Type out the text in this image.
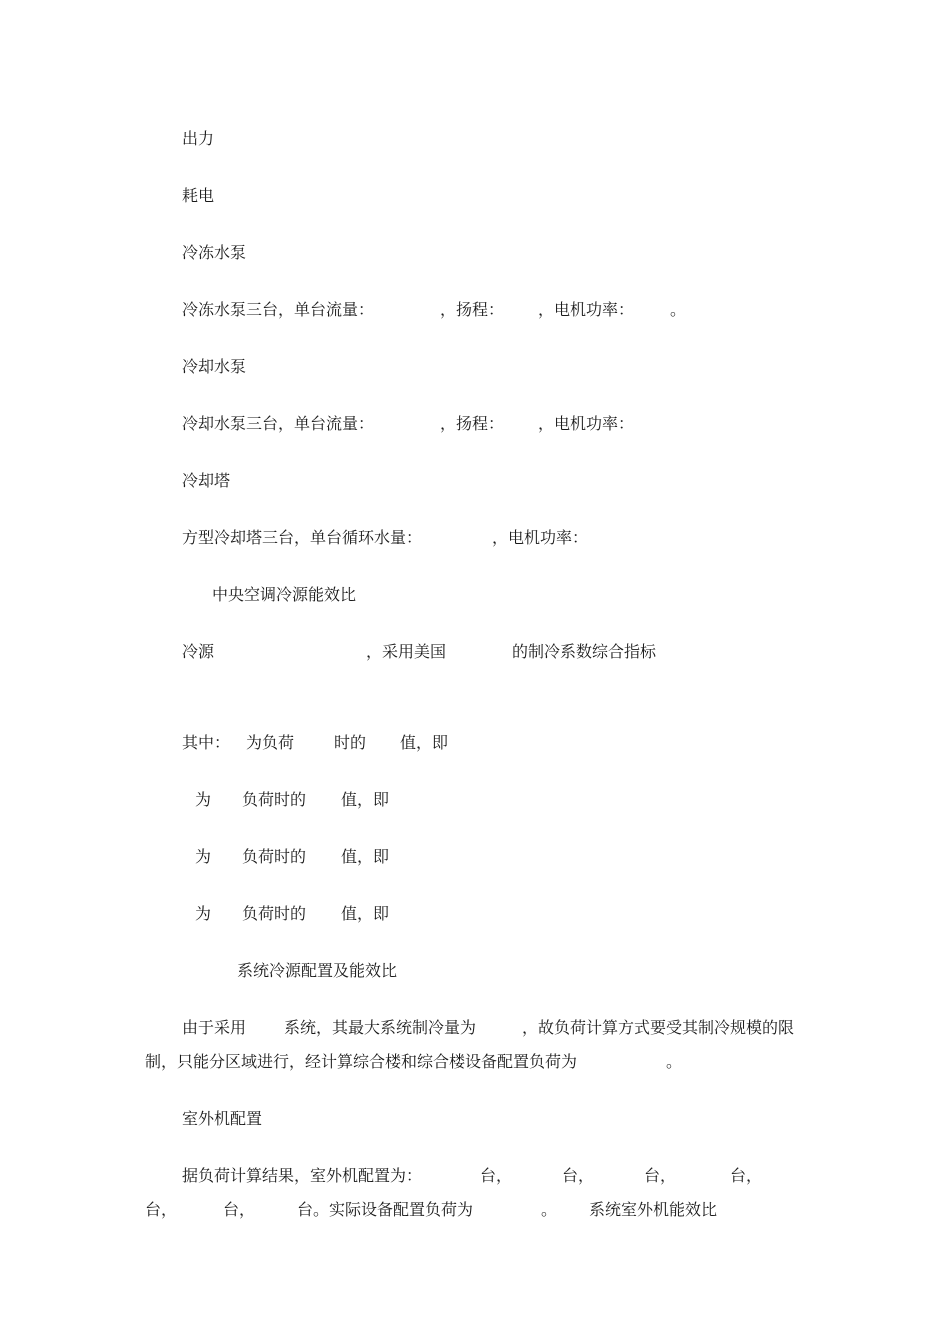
出力

耗电

冷冻水泵

冷冻水泵三台，单台流量：

	，扬程：

，电机功率：

。

冷却水泵

冷却水泵三台，单台流量：

	，扬程：

，电机功率：

冷却塔

方型冷却塔三台，单台循环水量：

	，电机功率：

中央空调冷源能效比

冷源

	，采用美国

	的制冷系数综合指标

其中：

为负荷

时的

值，即

为

负荷时的

值，即

为

负荷时的

值，即

为

负荷时的

值，即

系统冷源配置及能效比

由于采用

系统，其最大系统制冷量为

	，故负荷计算方式要受其制冷规模的限

制，只能分区域进行，经计算综合楼和综合楼设备配置负荷为

	。

室外机配置

据负荷计算结果，室外机配置为：

	台，

	台，

	台，

	台，

台，

	台，

	台。实际设备配置负荷为

	。

系统室外机能效比
